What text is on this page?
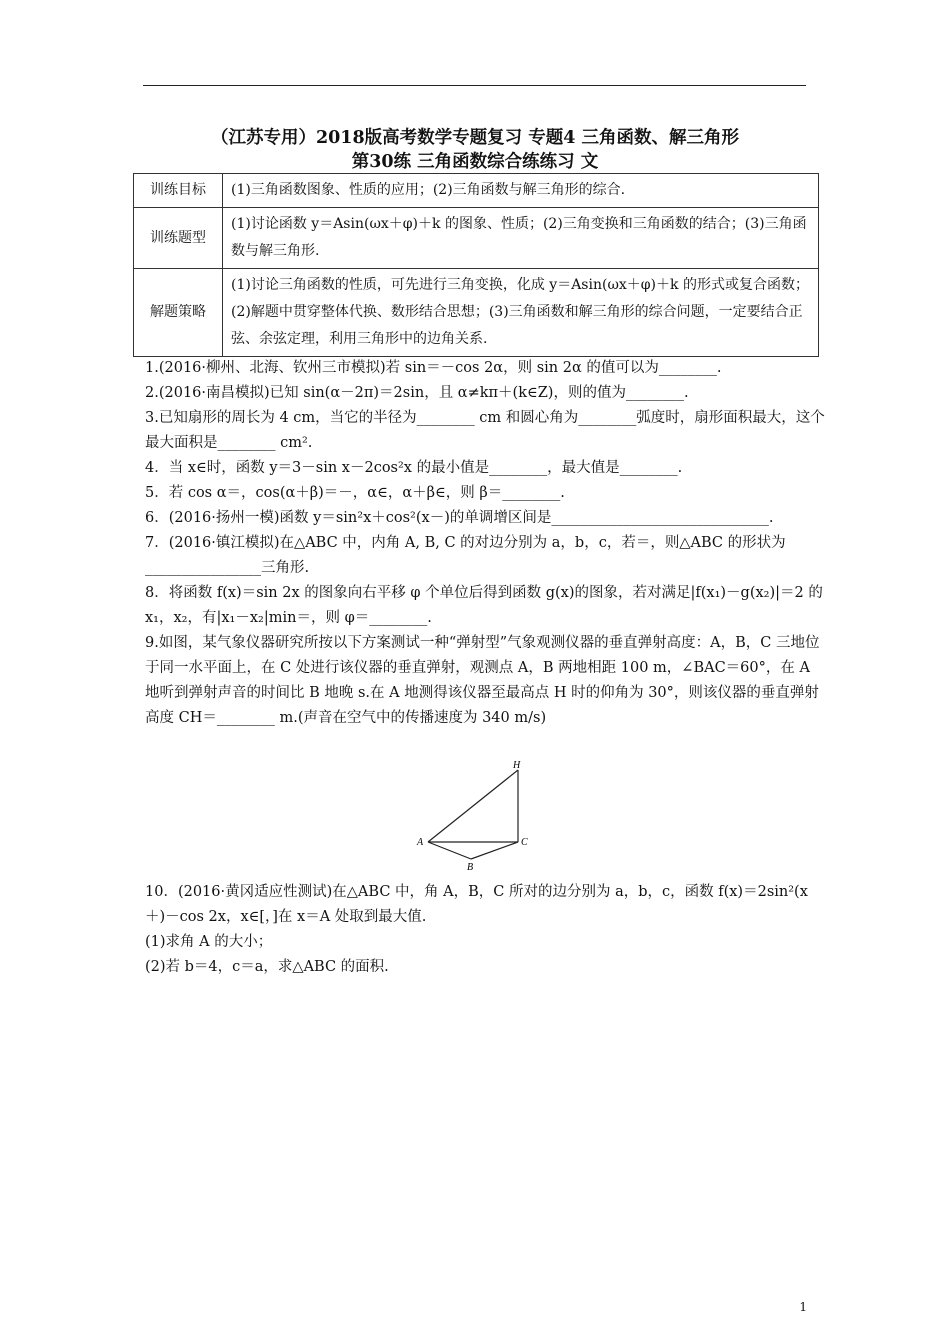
（江苏专用）2018版高考数学专题复习 专题4 三角函数、解三角形
第30练 三角函数综合练练习 文
训练目标	(1)三角函数图象、性质的应用；(2)三角函数与解三角形的综合.
训练题型	(1)讨论函数 y＝Asin(ωx＋φ)＋k 的图象、性质；(2)三角变换和三角函数的结合；(3)三角函数与解三角形.
解题策略	(1)讨论三角函数的性质，可先进行三角变换，化成 y＝Asin(ωx＋φ)＋k 的形式或复合函数；(2)解题中贯穿整体代换、数形结合思想；(3)三角函数和解三角形的综合问题，一定要结合正弦、余弦定理，利用三角形中的边角关系.
1.(2016·柳州、北海、钦州三市模拟)若 sin＝－cos 2α，则 sin 2α 的值可以为________.
2.(2016·南昌模拟)已知 sin(α－2π)＝2sin，且 α≠kπ＋(k∈Z)，则的值为________.
3.已知扇形的周长为 4 cm，当它的半径为________ cm 和圆心角为________弧度时，扇形面积最大，这个最大面积是________ cm².
4．当 x∈时，函数 y＝3－sin x－2cos²x 的最小值是________，最大值是________.
5．若 cos α＝，cos(α＋β)＝－，α∈，α＋β∈，则 β＝________.
6．(2016·扬州一模)函数 y＝sin²x＋cos²(x－)的单调增区间是______________________________.
7．(2016·镇江模拟)在△ABC 中，内角 A, B, C 的对边分别为 a，b，c，若＝，则△ABC 的形状为________________三角形.
8．将函数 f(x)＝sin 2x 的图象向右平移 φ 个单位后得到函数 g(x)的图象，若对满足|f(x₁)－g(x₂)|＝2 的 x₁，x₂，有|x₁－x₂|min＝，则 φ＝________.
9.如图，某气象仪器研究所按以下方案测试一种“弹射型”气象观测仪器的垂直弹射高度：A，B，C 三地位于同一水平面上，在 C 处进行该仪器的垂直弹射，观测点 A，B 两地相距 100 m，∠BAC＝60°，在 A 地听到弹射声音的时间比 B 地晚 s.在 A 地测得该仪器至最高点 H 时的仰角为 30°，则该仪器的垂直弹射高度 CH＝________ m.(声音在空气中的传播速度为 340 m/s)
H
A	C
B
10．(2016·黄冈适应性测试)在△ABC 中，角 A，B，C 所对的边分别为 a，b，c，函数 f(x)＝2sin²(x＋)－cos 2x，x∈[，]在 x＝A 处取到最大值.
(1)求角 A 的大小；
(2)若 b＝4，c＝a，求△ABC 的面积.
1
